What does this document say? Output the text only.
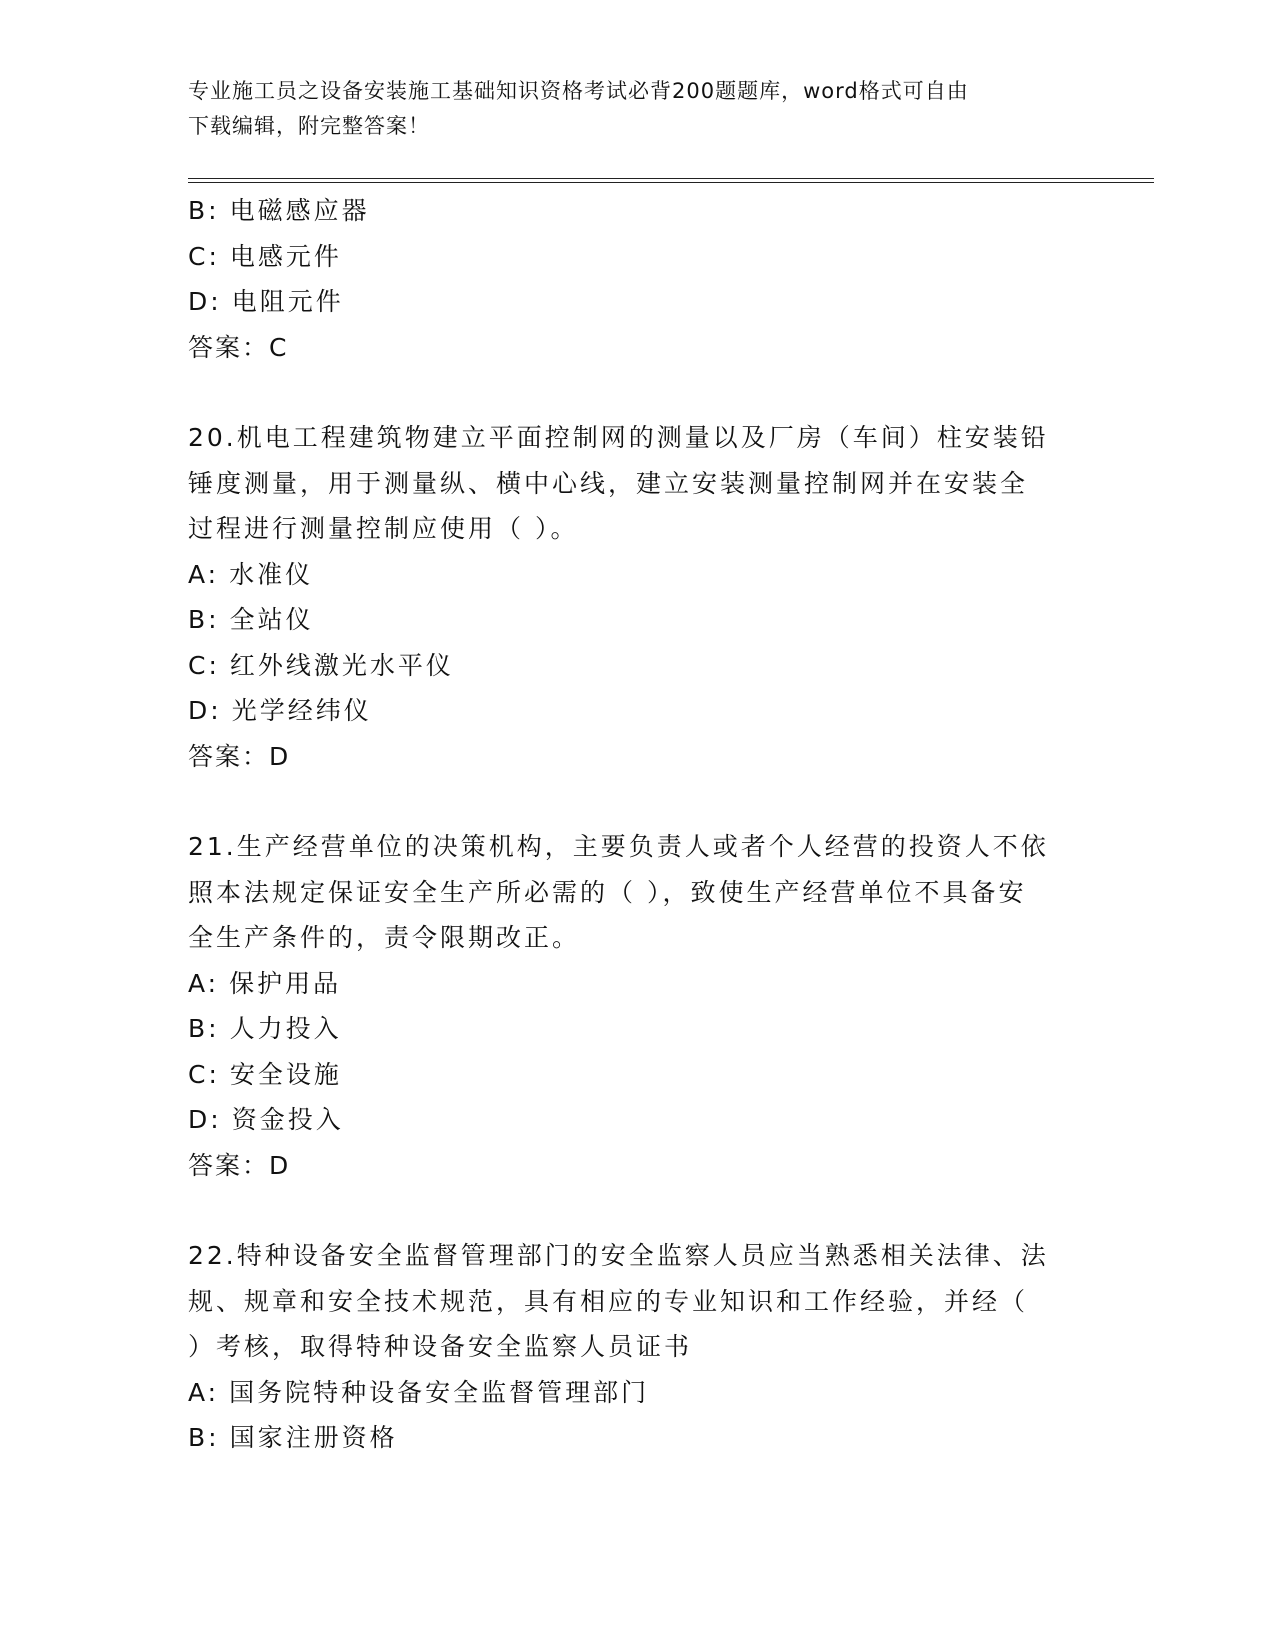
专业施工员之设备安装施工基础知识资格考试必背200题题库，word格式可自由
下载编辑，附完整答案！
B: 电磁感应器
C: 电感元件
D: 电阻元件
答案：C
20.机电工程建筑物建立平面控制网的测量以及厂房（车间）柱安装铅
锤度测量，用于测量纵、横中心线，建立安装测量控制网并在安装全
过程进行测量控制应使用（ ）。
A: 水准仪
B: 全站仪
C: 红外线激光水平仪
D: 光学经纬仪
答案：D
21.生产经营单位的决策机构，主要负责人或者个人经营的投资人不依
照本法规定保证安全生产所必需的（ ），致使生产经营单位不具备安
全生产条件的，责令限期改正。
A: 保护用品
B: 人力投入
C: 安全设施
D: 资金投入
答案：D
22.特种设备安全监督管理部门的安全监察人员应当熟悉相关法律、法
规、规章和安全技术规范，具有相应的专业知识和工作经验，并经（
）考核，取得特种设备安全监察人员证书
A: 国务院特种设备安全监督管理部门
B: 国家注册资格
